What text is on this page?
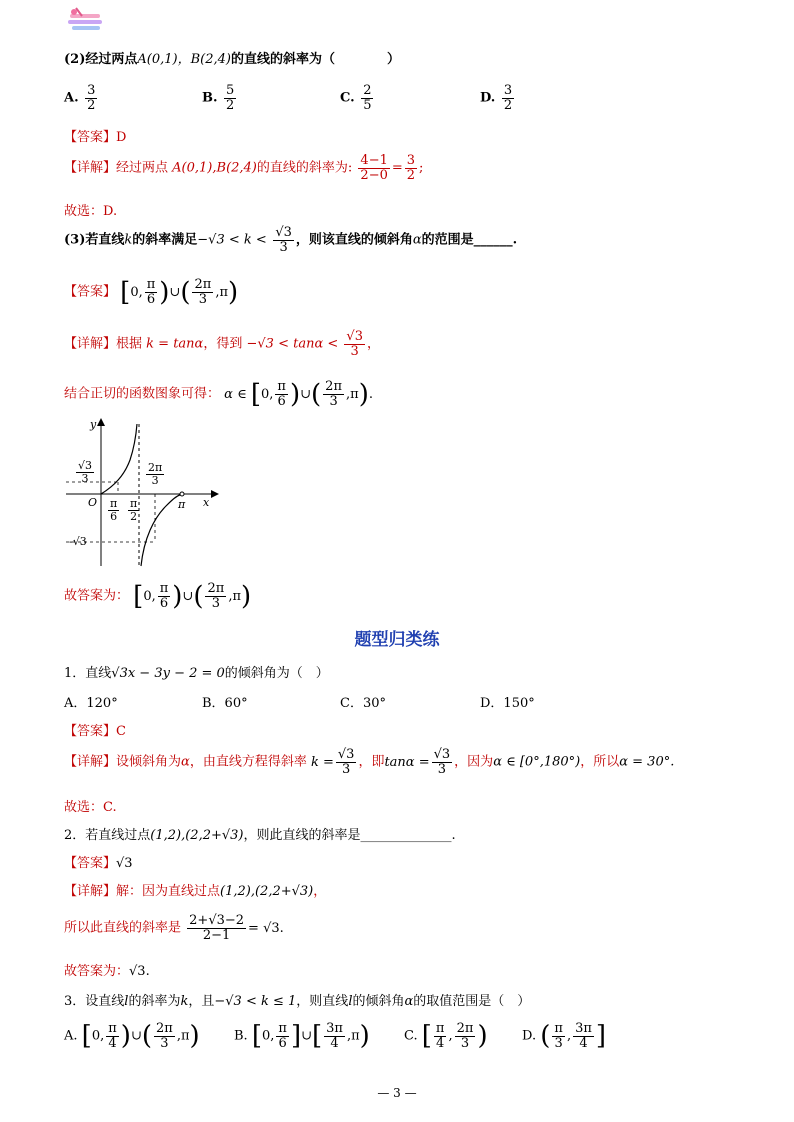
(2)经过两点A(0,1)，B(2,4)的直线的斜率为（　　　　）
A. $\frac{3}{2}$	B. $\frac{5}{2}$	C. $\frac{2}{5}$	D. $\frac{3}{2}$
【答案】D
【详解】经过两点 A(0,1),B(2,4)的直线的斜率为: $\frac{4-1}{2-0} = \frac{3}{2}$ ;
故选：D.
(3)若直线k的斜率满足$-√3 < k < \frac{√3}{3}$ ，则该直线的倾斜角α的范围是______.
【答案】 [0, $\frac{\pi}{6}$ )∪( $\frac{2\pi}{3} ,\pi$)
【详解】根据 k = tanα，得到 $-√3 < \tan\alpha < \frac{√3}{3}$ ，
结合正切的函数图象可得： α ∈ [0, $\frac{\pi}{6}$ )∪( $\frac{2\pi}{3} ,\pi$).
y
x
O
$\frac{√3}{3}$
-√3
$\frac{\pi}{6} \frac{\pi}{2}$
$\frac{2\pi}{3}$
π
故答案为： [0, $\frac{\pi}{6}$ )∪( $\frac{2\pi}{3} ,\pi$)
题型归类练
1．直线√3x − 3y − 2 = 0的倾斜角为（　）
A．120°	B．60°	C．30°	D．150°
【答案】C
【详解】设倾斜角为α，由直线方程得斜率 $k = \frac{√3}{3}$ ，即$\tan\alpha = \frac{√3}{3}$ ，因为α ∈ [0°,180°)，所以α = 30°.
故选：C.
2．若直线过点(1,2),(2,2+√3)，则此直线的斜率是______________.
【答案】√3
【详解】解：因为直线过点(1,2),(2,2+√3)，
所以此直线的斜率是 $\frac{2+√3-2}{2-1} = √3$.
故答案为：√3.
3．设直线l的斜率为k，且−√3 < k ≤ 1，则直线l的倾斜角α的取值范围是（　）
A. [0, $\frac{\pi}{4}$ )∪( $\frac{2\pi}{3} ,\pi$)	B. [0, $\frac{\pi}{6}$ ]∪[ $\frac{3\pi}{4} ,\pi$)	C. [ $\frac{\pi}{4}$ , $\frac{2\pi}{3}$ )	D. ( $\frac{\pi}{3}$ , $\frac{3\pi}{4}$ ]
— 3 —
